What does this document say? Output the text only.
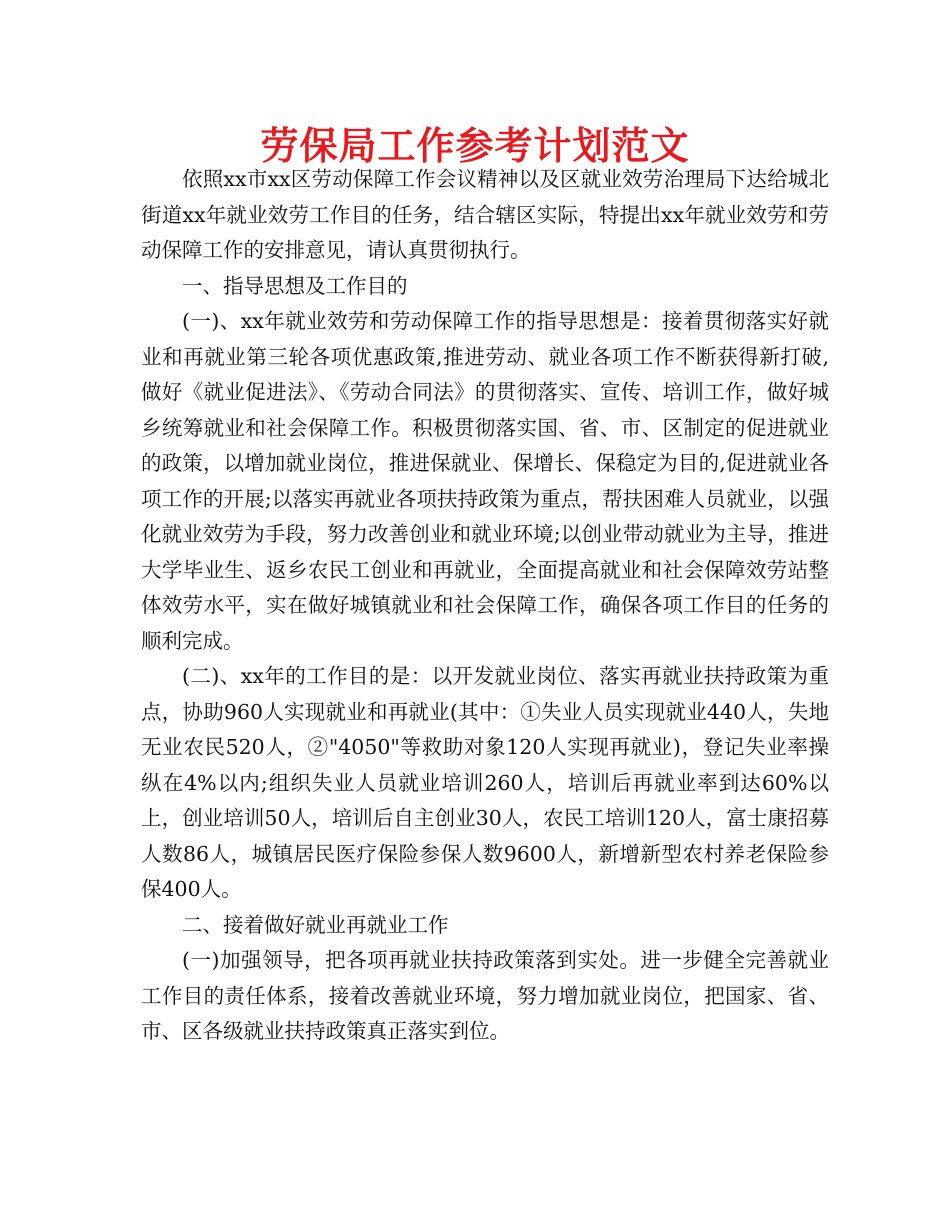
劳保局工作参考计划范文

依照xx市xx区劳动保障工作会议精神以及区就业效劳治理局下达给城北街道xx年就业效劳工作目的任务，结合辖区实际，特提出xx年就业效劳和劳动保障工作的安排意见，请认真贯彻执行。

一、指导思想及工作目的

(一)、xx年就业效劳和劳动保障工作的指导思想是：接着贯彻落实好就业和再就业第三轮各项优惠政策,推进劳动、就业各项工作不断获得新打破,做好《就业促进法》、《劳动合同法》的贯彻落实、宣传、培训工作，做好城乡统筹就业和社会保障工作。积极贯彻落实国、省、市、区制定的促进就业的政策，以增加就业岗位，推进保就业、保增长、保稳定为目的,促进就业各项工作的开展;以落实再就业各项扶持政策为重点，帮扶困难人员就业，以强化就业效劳为手段，努力改善创业和就业环境;以创业带动就业为主导，推进大学毕业生、返乡农民工创业和再就业，全面提高就业和社会保障效劳站整体效劳水平，实在做好城镇就业和社会保障工作，确保各项工作目的任务的顺利完成。

(二)、xx年的工作目的是：以开发就业岗位、落实再就业扶持政策为重点，协助960人实现就业和再就业(其中：①失业人员实现就业440人，失地无业农民520人，②"4050"等救助对象120人实现再就业)，登记失业率操纵在4%以内;组织失业人员就业培训260人，培训后再就业率到达60%以上，创业培训50人，培训后自主创业30人，农民工培训120人，富士康招募人数86人，城镇居民医疗保险参保人数9600人，新增新型农村养老保险参保400人。

二、接着做好就业再就业工作

(一)加强领导，把各项再就业扶持政策落到实处。进一步健全完善就业工作目的责任体系，接着改善就业环境，努力增加就业岗位，把国家、省、市、区各级就业扶持政策真正落实到位。
